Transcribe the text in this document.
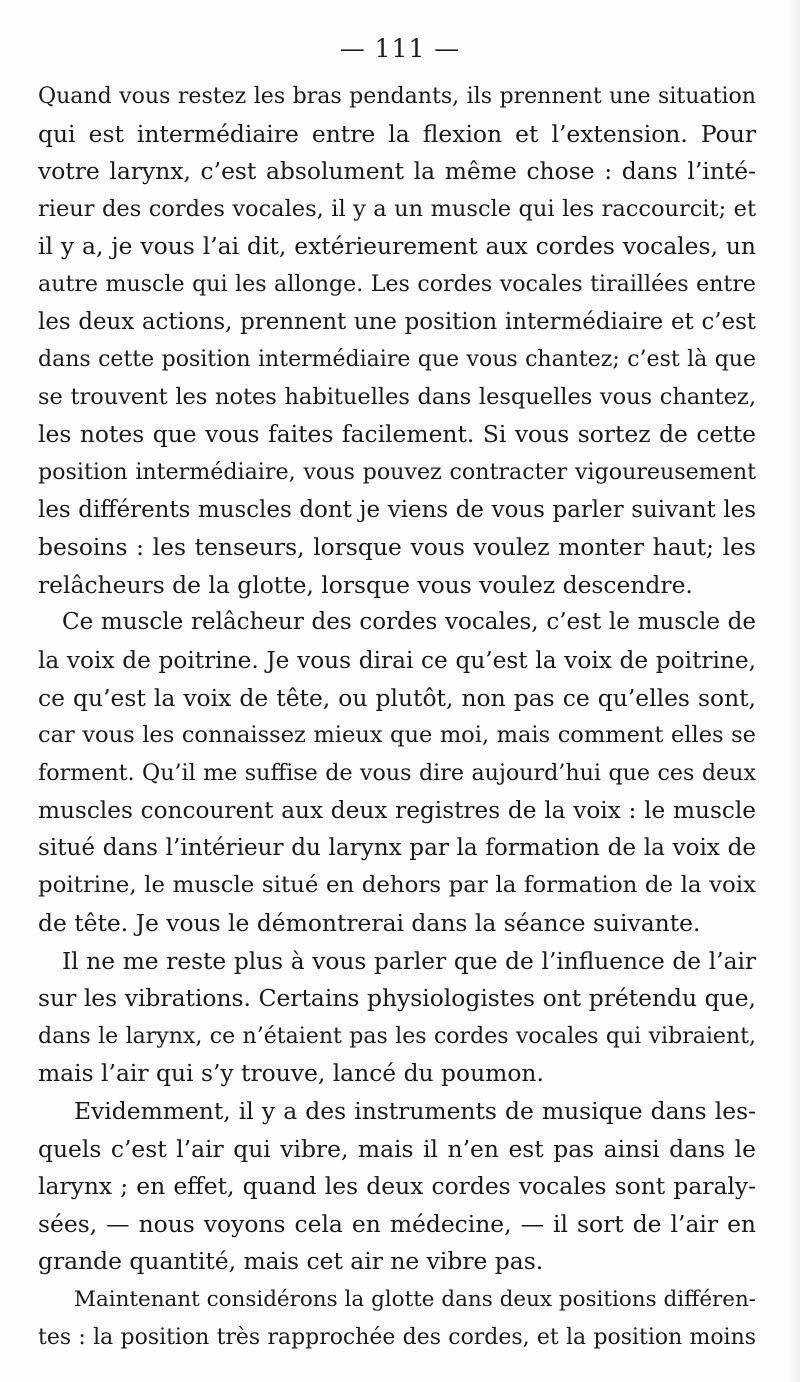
— 111 —
Quand vous restez les bras pendants, ils prennent une situation
qui est intermédiaire entre la flexion et l’extension. Pour
votre larynx, c’est absolument la même chose : dans l’inté-
rieur des cordes vocales, il y a un muscle qui les raccourcit; et
il y a, je vous l’ai dit, extérieurement aux cordes vocales, un
autre muscle qui les allonge. Les cordes vocales tiraillées entre
les deux actions, prennent une position intermédiaire et c’est
dans cette position intermédiaire que vous chantez; c’est là que
se trouvent les notes habituelles dans lesquelles vous chantez,
les notes que vous faites facilement. Si vous sortez de cette
position intermédiaire, vous pouvez contracter vigoureusement
les différents muscles dont je viens de vous parler suivant les
besoins : les tenseurs, lorsque vous voulez monter haut; les
relâcheurs de la glotte, lorsque vous voulez descendre.
Ce muscle relâcheur des cordes vocales, c’est le muscle de
la voix de poitrine. Je vous dirai ce qu’est la voix de poitrine,
ce qu’est la voix de tête, ou plutôt, non pas ce qu’elles sont,
car vous les connaissez mieux que moi, mais comment elles se
forment. Qu’il me suffise de vous dire aujourd’hui que ces deux
muscles concourent aux deux registres de la voix : le muscle
situé dans l’intérieur du larynx par la formation de la voix de
poitrine, le muscle situé en dehors par la formation de la voix
de tête. Je vous le démontrerai dans la séance suivante.
Il ne me reste plus à vous parler que de l’influence de l’air
sur les vibrations. Certains physiologistes ont prétendu que,
dans le larynx, ce n’étaient pas les cordes vocales qui vibraient,
mais l’air qui s’y trouve, lancé du poumon.
Evidemment, il y a des instruments de musique dans les-
quels c’est l’air qui vibre, mais il n’en est pas ainsi dans le
larynx ; en effet, quand les deux cordes vocales sont paraly-
sées, — nous voyons cela en médecine, — il sort de l’air en
grande quantité, mais cet air ne vibre pas.
Maintenant considérons la glotte dans deux positions différen-
tes : la position très rapprochée des cordes, et la position moins
